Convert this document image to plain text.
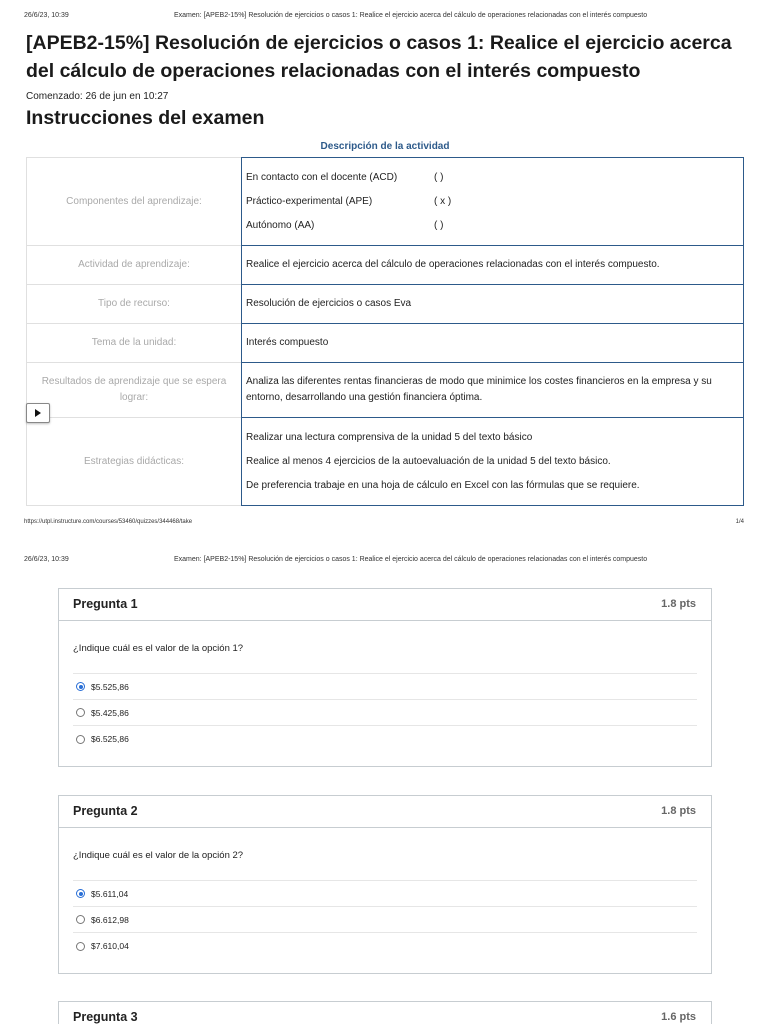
26/6/23, 10:39	Examen: [APEB2-15%] Resolución de ejercicios o casos 1: Realice el ejercicio acerca del cálculo de operaciones relacionadas con el interés compuesto
[APEB2-15%] Resolución de ejercicios o casos 1: Realice el ejercicio acerca del cálculo de operaciones relacionadas con el interés compuesto
Comenzado: 26 de jun en 10:27
Instrucciones del examen
Descripción de la actividad
Componentes del aprendizaje:
En contacto con el docente (ACD)	( )
Práctico-experimental (APE)	( x )
Autónomo (AA)	( )
Actividad de aprendizaje:	Realice el ejercicio acerca del cálculo de operaciones relacionadas con el interés compuesto.
Tipo de recurso:	Resolución de ejercicios o casos Eva
Tema de la unidad:	Interés compuesto
Resultados de aprendizaje que se espera lograr:
Analiza las diferentes rentas financieras de modo que minimice los costes financieros en la empresa y su entorno, desarrollando una gestión financiera óptima.
Estrategias didácticas:
Realizar una lectura comprensiva de la unidad 5 del texto básico
Realice al menos 4 ejercicios de la autoevaluación de la unidad 5 del texto básico.
De preferencia trabaje en una hoja de cálculo en Excel con las fórmulas que se requiere.
https://utpl.instructure.com/courses/53460/quizzes/344468/take	1/4
26/6/23, 10:39	Examen: [APEB2-15%] Resolución de ejercicios o casos 1: Realice el ejercicio acerca del cálculo de operaciones relacionadas con el interés compuesto
Pregunta 1	1.8 pts
¿Indique cuál es el valor de la opción 1?
$5.525,86
$5.425,86
$6.525,86
Pregunta 2	1.8 pts
¿Indique cuál es el valor de la opción 2?
$5.611,04
$6.612,98
$7.610,04
Pregunta 3	1.6 pts
